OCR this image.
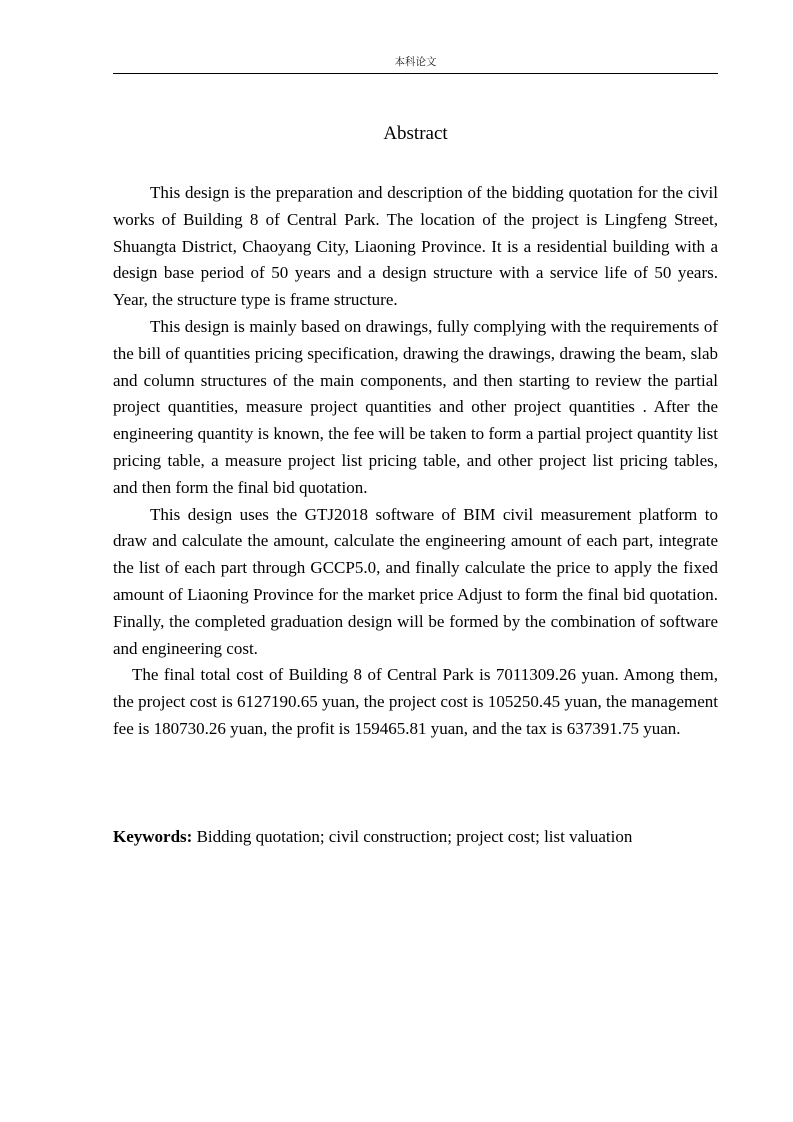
本科论文
Abstract

This design is the preparation and description of the bidding quotation for the civil works of Building 8 of Central Park. The location of the project is Lingfeng Street, Shuangta District, Chaoyang City, Liaoning Province. It is a residential building with a design base period of 50 years and a design structure with a service life of 50 years. Year, the structure type is frame structure.

This design is mainly based on drawings, fully complying with the requirements of the bill of quantities pricing specification, drawing the drawings, drawing the beam, slab and column structures of the main components, and then starting to review the partial project quantities, measure project quantities and other project quantities . After the engineering quantity is known, the fee will be taken to form a partial project quantity list pricing table, a measure project list pricing table, and other project list pricing tables, and then form the final bid quotation.

This design uses the GTJ2018 software of BIM civil measurement platform to draw and calculate the amount, calculate the engineering amount of each part, integrate the list of each part through GCCP5.0, and finally calculate the price to apply the fixed amount of Liaoning Province for the market price Adjust to form the final bid quotation. Finally, the completed graduation design will be formed by the combination of software and engineering cost.

The final total cost of Building 8 of Central Park is 7011309.26 yuan. Among them, the project cost is 6127190.65 yuan, the project cost is 105250.45 yuan, the management fee is 180730.26 yuan, the profit is 159465.81 yuan, and the tax is 637391.75 yuan.

Keywords: Bidding quotation; civil construction; project cost; list valuation
